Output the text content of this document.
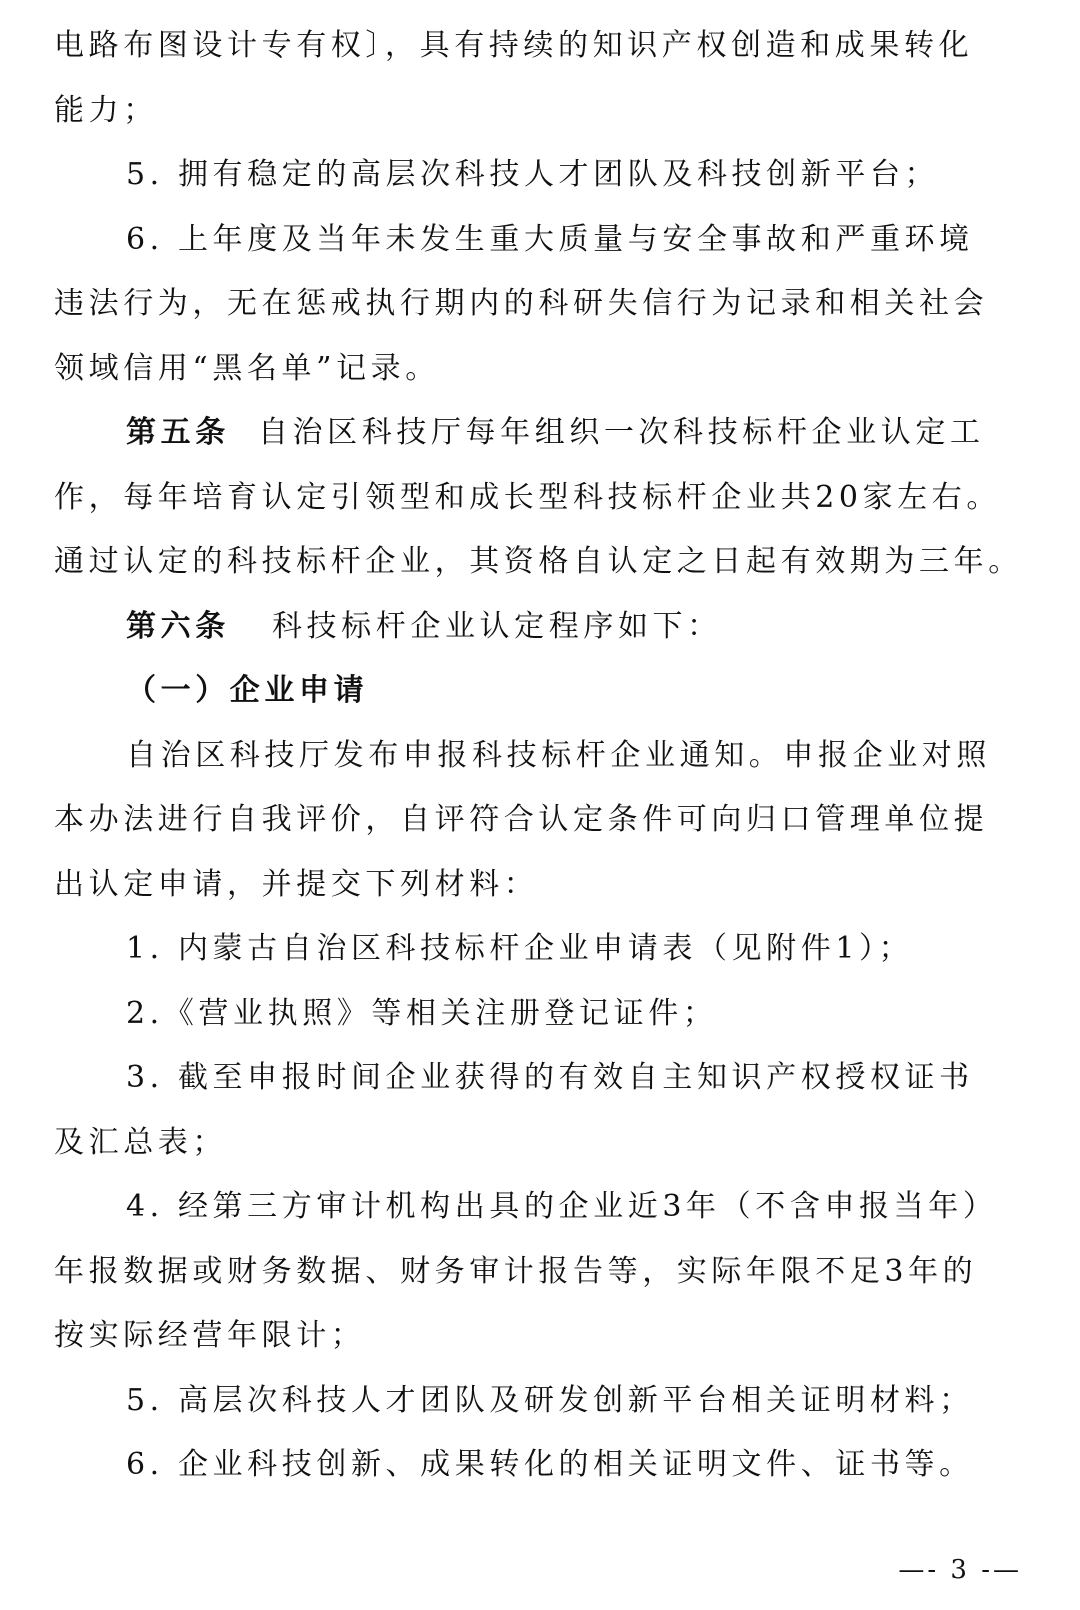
电路布图设计专有权〕，具有持续的知识产权创造和成果转化
能力；
5. 拥有稳定的高层次科技人才团队及科技创新平台；
6. 上年度及当年未发生重大质量与安全事故和严重环境
违法行为，无在惩戒执行期内的科研失信行为记录和相关社会
领域信用“黑名单”记录。
第五条 自治区科技厅每年组织一次科技标杆企业认定工
作，每年培育认定引领型和成长型科技标杆企业共20家左右。
通过认定的科技标杆企业，其资格自认定之日起有效期为三年。
第六条 科技标杆企业认定程序如下：
（一）企业申请
自治区科技厅发布申报科技标杆企业通知。申报企业对照
本办法进行自我评价，自评符合认定条件可向归口管理单位提
出认定申请，并提交下列材料：
1. 内蒙古自治区科技标杆企业申请表（见附件1）；
2.《营业执照》等相关注册登记证件；
3. 截至申报时间企业获得的有效自主知识产权授权证书
及汇总表；
4. 经第三方审计机构出具的企业近3年（不含申报当年）
年报数据或财务数据、财务审计报告等，实际年限不足3年的
按实际经营年限计；
5. 高层次科技人才团队及研发创新平台相关证明材料；
6. 企业科技创新、成果转化的相关证明文件、证书等。
—- 3 -—
